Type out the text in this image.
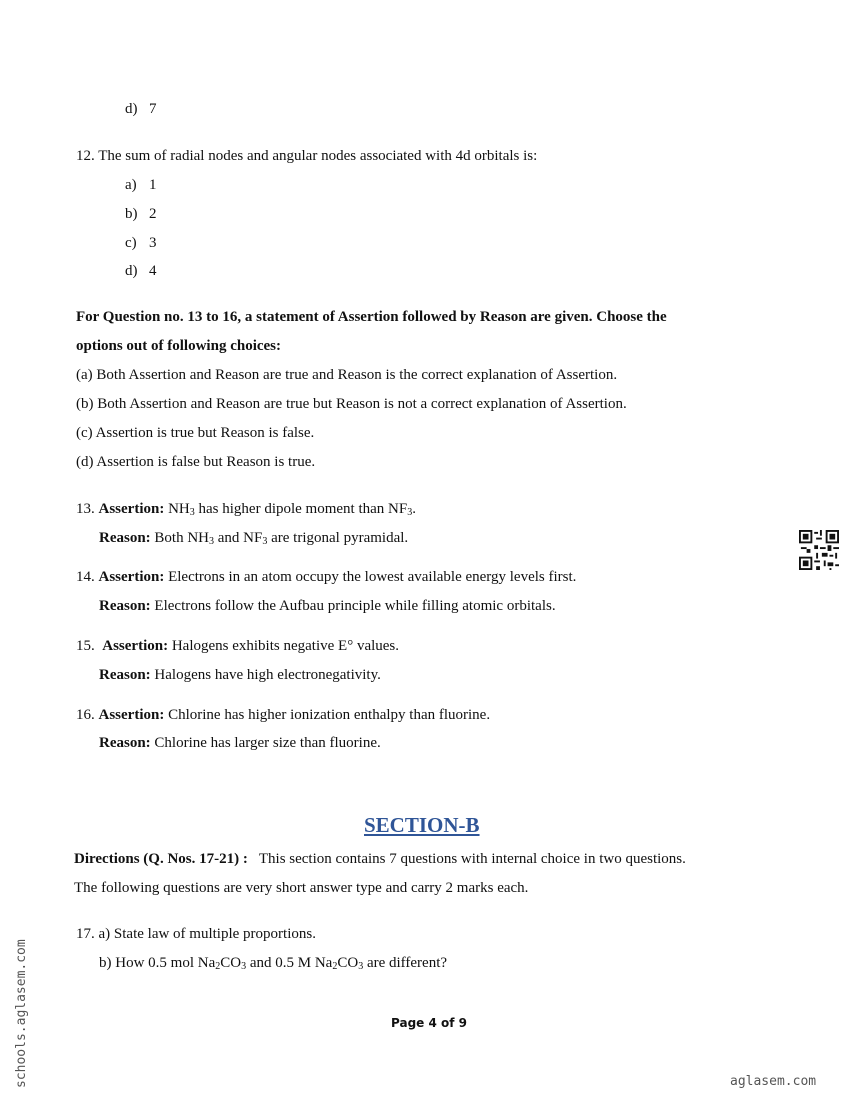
d) 7
12. The sum of radial nodes and angular nodes associated with 4d orbitals is:
a) 1
b) 2
c) 3
d) 4
For Question no. 13 to 16, a statement of Assertion followed by Reason are given. Choose the
options out of following choices:
(a) Both Assertion and Reason are true and Reason is the correct explanation of Assertion.
(b) Both Assertion and Reason are true but Reason is not a correct explanation of Assertion.
(c) Assertion is true but Reason is false.
(d) Assertion is false but Reason is true.
13. Assertion: $NH_3$ has higher dipole moment than $NF_3$.
Reason: Both $NH_3$ and $NF_3$ are trigonal pyramidal.
14. Assertion: Electrons in an atom occupy the lowest available energy levels first.
Reason: Electrons follow the Aufbau principle while filling atomic orbitals.
15. Assertion: Halogens exhibits negative E° values.
Reason: Halogens have high electronegativity.
16. Assertion: Chlorine has higher ionization enthalpy than fluorine.
Reason: Chlorine has larger size than fluorine.
SECTION-B
Directions (Q. Nos. 17-21) : This section contains 7 questions with internal choice in two questions.
The following questions are very short answer type and carry 2 marks each.
17. a) State law of multiple proportions.
b) How 0.5 mol $Na_2CO_3$ and 0.5 M $Na_2CO_3$ are different?
Page 4 of 9
schools.aglasem.com	aglasem.com
